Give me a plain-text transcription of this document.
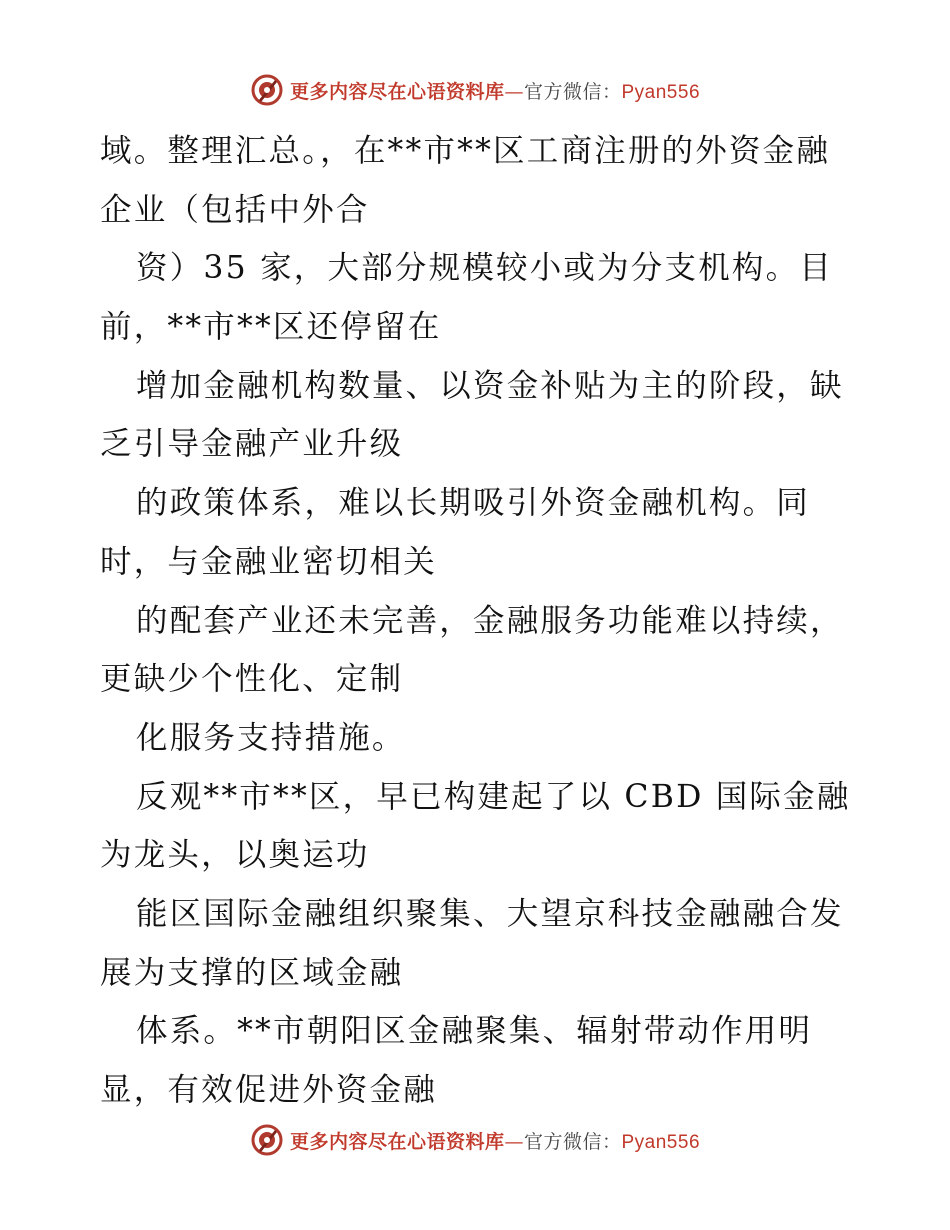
更多内容尽在心语资料库—官方微信：Pyan556
域。整理汇总。，在**市**区工商注册的外资金融
企业（包括中外合
资）35 家，大部分规模较小或为分支机构。目
前，**市**区还停留在
增加金融机构数量、以资金补贴为主的阶段，缺
乏引导金融产业升级
的政策体系，难以长期吸引外资金融机构。同
时，与金融业密切相关
的配套产业还未完善，金融服务功能难以持续，
更缺少个性化、定制
化服务支持措施。
反观**市**区，早已构建起了以 CBD 国际金融
为龙头，以奥运功
能区国际金融组织聚集、大望京科技金融融合发
展为支撑的区域金融
体系。**市朝阳区金融聚集、辐射带动作用明
显，有效促进外资金融
更多内容尽在心语资料库—官方微信：Pyan556
